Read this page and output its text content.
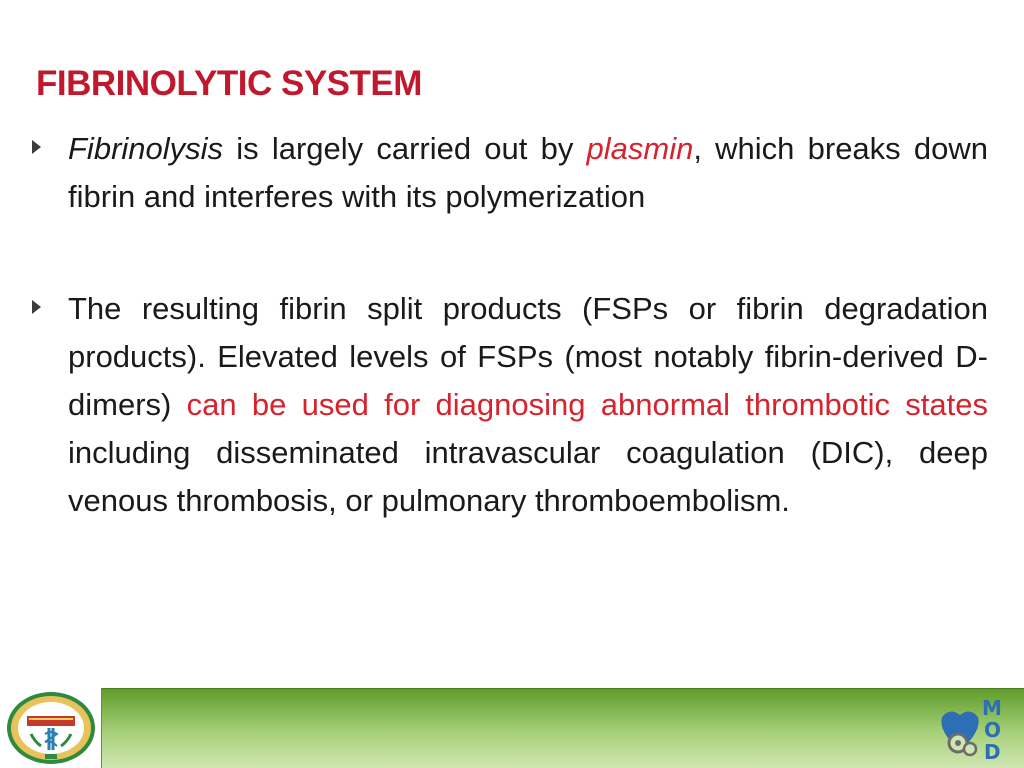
FIBRINOLYTIC SYSTEM
Fibrinolysis is largely carried out by plasmin, which breaks down fibrin and interferes with its polymerization
The resulting fibrin split products (FSPs or fibrin degradation products). Elevated levels of FSPs (most notably fibrin-derived D-dimers) can be used for diagnosing abnormal thrombotic states including disseminated intravascular coagulation (DIC), deep venous thrombosis, or pulmonary thromboembolism.
M
O
D
